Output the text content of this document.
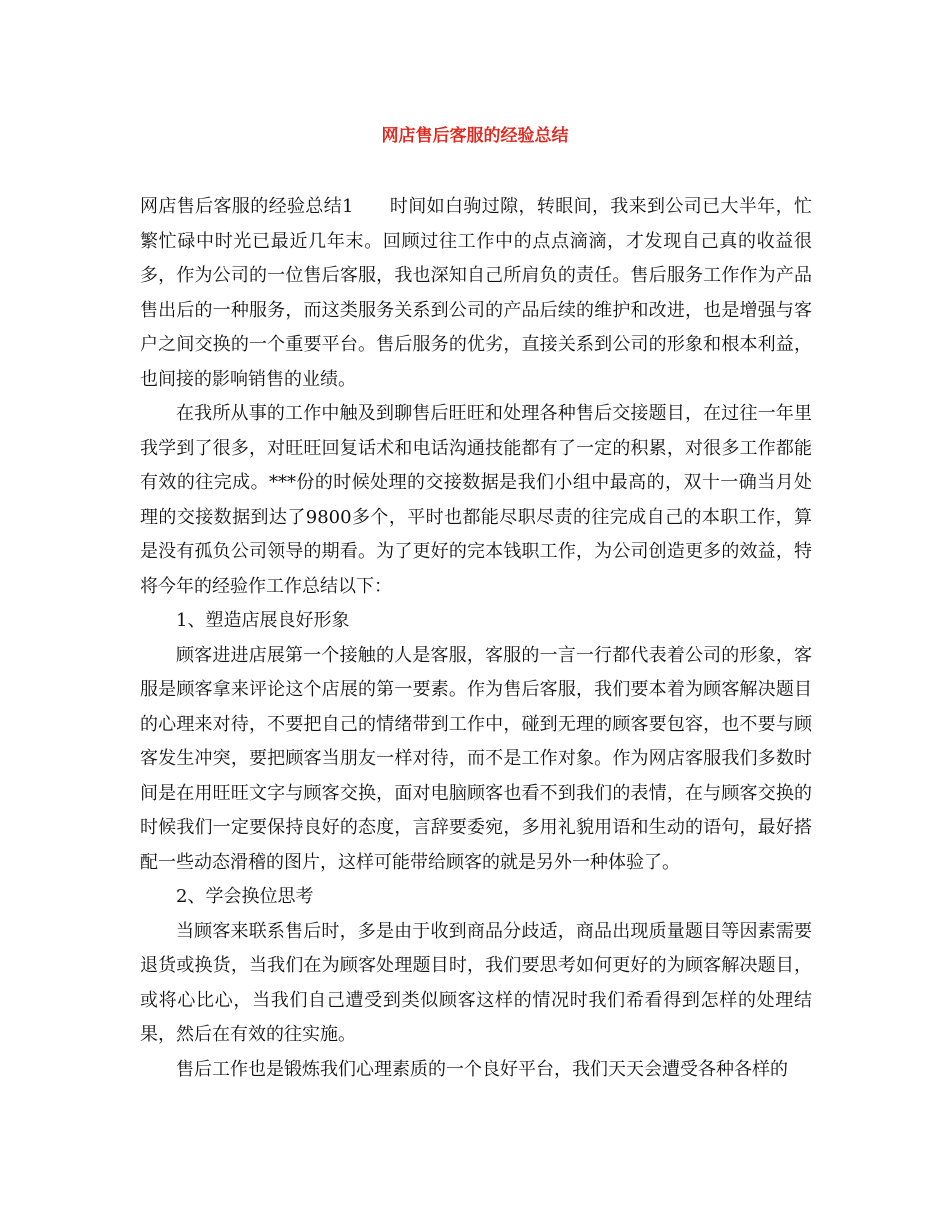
网店售后客服的经验总结

网店售后客服的经验总结1 时间如白驹过隙，转眼间，我来到公司已大半年，忙繁忙碌中时光已最近几年末。回顾过往工作中的点点滴滴，才发现自己真的收益很多，作为公司的一位售后客服，我也深知自己所肩负的责任。售后服务工作作为产品售出后的一种服务，而这类服务关系到公司的产品后续的维护和改进，也是增强与客户之间交换的一个重要平台。售后服务的优劣，直接关系到公司的形象和根本利益，也间接的影响销售的业绩。

在我所从事的工作中触及到聊售后旺旺和处理各种售后交接题目，在过往一年里我学到了很多，对旺旺回复话术和电话沟通技能都有了一定的积累，对很多工作都能有效的往完成。***份的时候处理的交接数据是我们小组中最高的，双十一确当月处理的交接数据到达了9800多个，平时也都能尽职尽责的往完成自己的本职工作，算是没有孤负公司领导的期看。为了更好的完本钱职工作，为公司创造更多的效益，特将今年的经验作工作总结以下：

1、塑造店展良好形象

顾客进进店展第一个接触的人是客服，客服的一言一行都代表着公司的形象，客服是顾客拿来评论这个店展的第一要素。作为售后客服，我们要本着为顾客解决题目的心理来对待，不要把自己的情绪带到工作中，碰到无理的顾客要包容，也不要与顾客发生冲突，要把顾客当朋友一样对待，而不是工作对象。作为网店客服我们多数时间是在用旺旺文字与顾客交换，面对电脑顾客也看不到我们的表情，在与顾客交换的时候我们一定要保持良好的态度，言辞要委宛，多用礼貌用语和生动的语句，最好搭配一些动态滑稽的图片，这样可能带给顾客的就是另外一种体验了。

2、学会换位思考

当顾客来联系售后时，多是由于收到商品分歧适，商品出现质量题目等因素需要退货或换货，当我们在为顾客处理题目时，我们要思考如何更好的为顾客解决题目，或将心比心，当我们自己遭受到类似顾客这样的情况时我们希看得到怎样的处理结果，然后在有效的往实施。

售后工作也是锻炼我们心理素质的一个良好平台，我们天天会遭受各种各样的
